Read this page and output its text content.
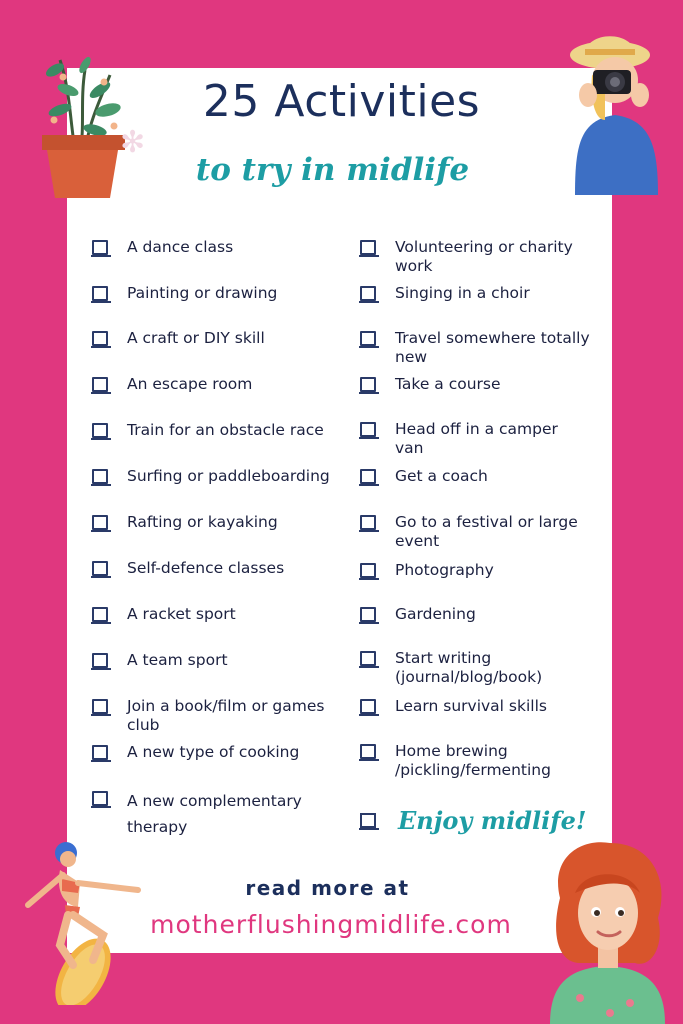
✻
25 Activities
to try in midlife
A dance class
Painting or drawing
A craft or DIY skill
An escape room
Train for an obstacle race
Surfing or paddleboarding
Rafting or kayaking
Self-defence classes
A racket sport
A team sport
Join a book/film or games club
A new type of cooking
A new complementary therapy
Volunteering or charity work
Singing in a choir
Travel somewhere totally new
Take a course
Head off in a camper van
Get a coach
Go to a festival or large event
Photography
Gardening
Start writing (journal/blog/book)
Learn survival skills
Home brewing /pickling/fermenting
Enjoy midlife!
read more at
motherflushingmidlife.com
